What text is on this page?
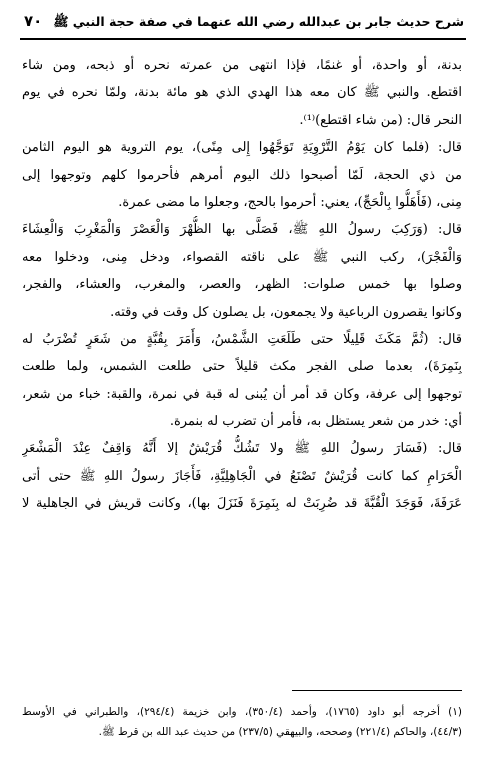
شرح حديث جابر بن عبدالله رضي الله عنهما في صفة حجة النبي ﷺ
٧٠
بدنة، أو واحدة، أو غنمًا، فإذا انتهى من عمرته نحره أو ذبحه، ومن شاء
اقتطع. والنبي ﷺ كان معه هذا الهدي الذي هو مائة بدنة، ولمّا نحره في يوم
النحر قال: (من شاء اقتطع)⁽¹⁾.
قال: (فلما كان يَوْمُ التَّرْوِيَةِ تَوَجَّهُوا إِلى مِنًى)، يوم التروية هو اليوم الثامن
من ذي الحجة، لَمّا أصبحوا ذلك اليوم أمرهم فأحرموا كلهم وتوجهوا إلى
مِنى، (فَأَهَلُّوا بِالْحَجِّ)، يعني: أحرموا بالحج، وجعلوا ما مضى عمرة.
قال: (وَرَكِبَ رسولُ اللهِ ﷺ، فَصَلَّى بها الظُّهْرَ وَالْعَصْرَ وَالْمَغْرِبَ وَالْعِشَاءَ
وَالْفَجْرَ)، ركب النبي ﷺ على ناقته القصواء، ودخل مِنى، ودخلوا معه
وصلوا بها خمس صلوات: الظهر، والعصر، والمغرب، والعشاء، والفجر،
وكانوا يقصرون الرباعية ولا يجمعون، بل يصلون كل وقت في وقته.
قال: (ثُمَّ مَكَثَ قَلِيلًا حتى طَلَعَتِ الشَّمْسُ، وَأَمَرَ بِقُبَّةٍ من شَعَرٍ تُضْرَبُ له
بِنَمِرَةَ)، بعدما صلى الفجر مكث قليلاً حتى طلعت الشمس، ولما طلعت
توجهوا إلى عرفة، وكان قد أمر أن يُبنى له قبة في نمرة، والقبة: خباء من شعر،
أي: خدر من شعر يستظل به، فأمر أن تضرب له بنمرة.
قال: (فَسَارَ رسولُ اللهِ ﷺ ولا تَشُكُّ قُرَيْشٌ إلا أَنَّهُ وَاقِفٌ عِنْدَ الْمَشْعَرِ
الْحَرَامِ كما كانت قُرَيْشٌ تَصْنَعُ في الْجَاهِلِيَّةِ، فَأَجَازَ رسولُ اللهِ ﷺ حتى أتى
عَرَفَةَ، فَوَجَدَ الْقُبَّةَ قد ضُرِبَتْ له بِنَمِرَةَ فَنَزَلَ بها)، وكانت قريش في الجاهلية لا
(١) أخرجه أبو داود (١٧٦٥)، وأحمد (٣٥٠/٤)، وابن خزيمة (٢٩٤/٤)، والطبراني في الأوسط
(٤٤/٣)، والحاكم (٢٢١/٤) وصححه، والبيهقي (٢٣٧/٥) من حديث عبد الله بن قرط ﷺ.
